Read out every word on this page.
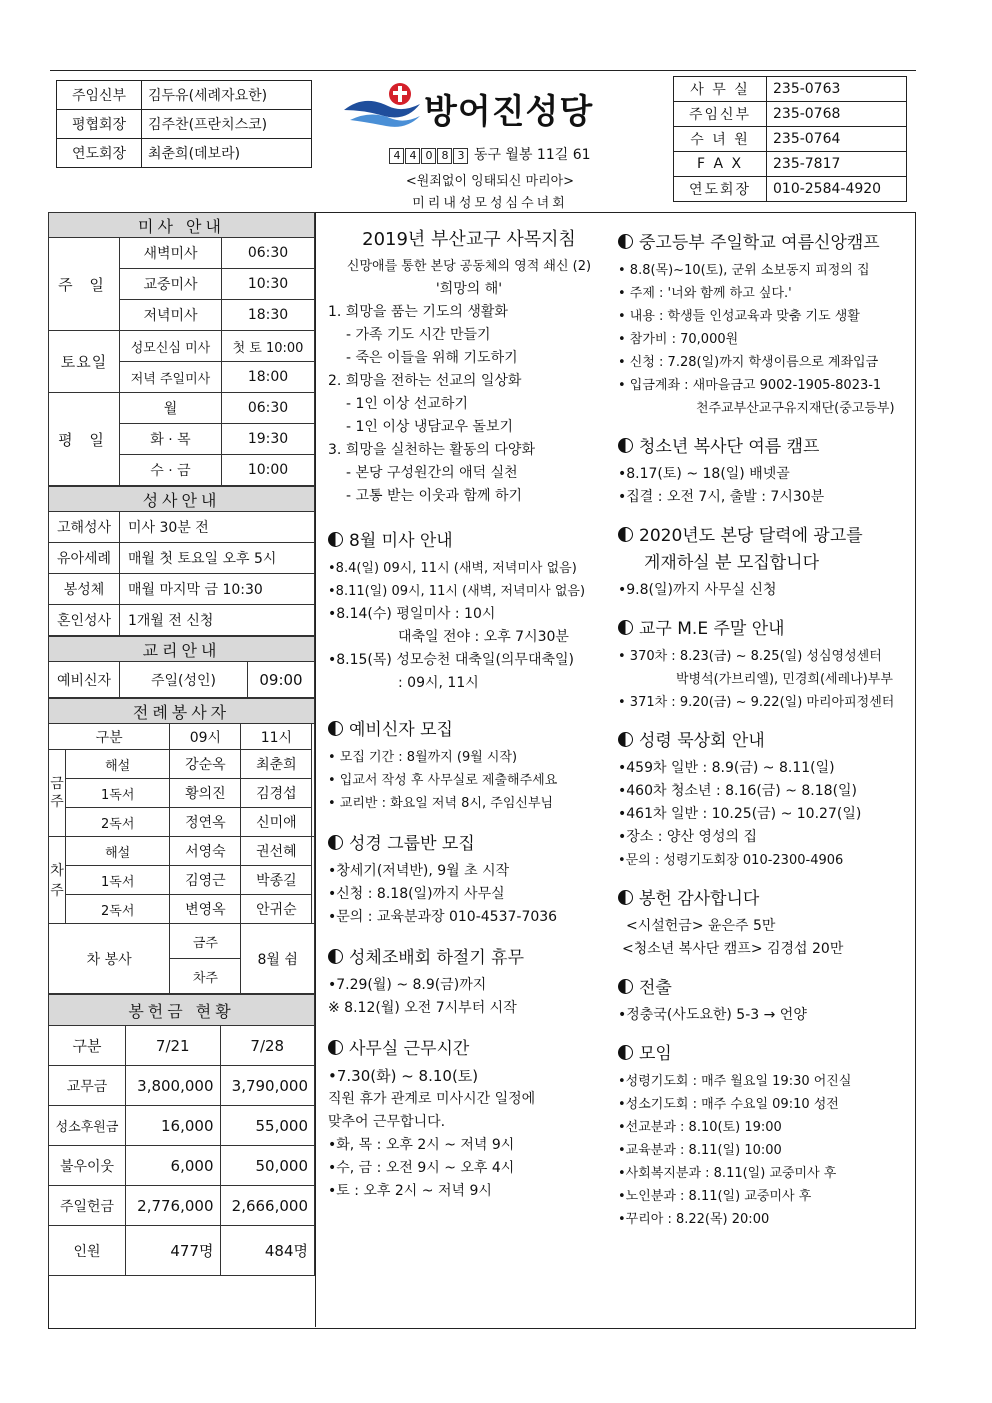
주임신부	김두유(세례자요한)
평협회장	김주찬(프란치스코)
연도회장	최춘희(데보라)
방어진성당
4 4 0 8 3 동구 월봉 11길 61
<원죄없이 잉태되신 마리아>
미리내성모성심수녀회
사 무 실	235-0763
주임신부	235-0768
수 녀 원	235-0764
F A X	235-7817
연도회장	010-2584-4920
미사 안내		
주 일	새벽미사	06:30
	교중미사	10:30
	저녁미사	18:30
토요일	성모신심 미사	첫 토 10:00
	저녁 주일미사	18:00
평 일	월	06:30
	화 · 목	19:30
	수 · 금	10:00
성사안내	
고해성사	미사 30분 전
유아세례	매월 첫 토요일 오후 5시
봉성체	매월 마지막 금 10:30
혼인성사	1개월 전 신청
교리안내
예비신자	주일(성인)	09:00
전례봉사자				
구분		09시	11시	

금주	해설	강순옥	최춘희	
	1독서	황의진	김경섭	
	2독서	정연옥	신미애	
차주	해설	서영숙	권선혜	

	1독서	김영근	박종길	
	2독서	변영옥	안귀순	
차 봉사		금주	8월 쉼	
		차주		
봉헌금 현황		
구분	7/21	7/28
교무금	3,800,000	3,790,000
성소후원금	16,000	55,000
불우이웃	6,000	50,000
주일헌금	2,776,000	2,666,000
인원	477명	484명
2019년 부산교구 사목지침
신망애를 통한 본당 공동체의 영적 쇄신 (2)
'희망의 해'
1. 희망을 품는 기도의 생활화
- 가족 기도 시간 만들기
- 죽은 이들을 위해 기도하기
2. 희망을 전하는 선교의 일상화
- 1인 이상 선교하기
- 1인 이상 냉담교우 돌보기
3. 희망을 실천하는 활동의 다양화
- 본당 구성원간의 애덕 실천
- 고통 받는 이웃과 함께 하기
8월 미사 안내
•8.4(일) 09시, 11시 (새벽, 저녁미사 없음)
•8.11(일) 09시, 11시 (새벽, 저녁미사 없음)
•8.14(수) 평일미사 : 10시
대축일 전야 : 오후 7시30분
•8.15(목) 성모승천 대축일(의무대축일)
: 09시, 11시
예비신자 모집
• 모집 기간 : 8월까지 (9월 시작)
• 입교서 작성 후 사무실로 제출해주세요
• 교리반 : 화요일 저녁 8시, 주임신부님
성경 그룹반 모집
•창세기(저녁반), 9월 초 시작
•신청 : 8.18(일)까지 사무실
•문의 : 교육분과장 010-4537-7036
성체조배회 하절기 휴무
•7.29(월) ~ 8.9(금)까지
※ 8.12(월) 오전 7시부터 시작
사무실 근무시간
•7.30(화) ~ 8.10(토)
직원 휴가 관계로 미사시간 일정에
맞추어 근무합니다.
•화, 목 : 오후 2시 ~ 저녁 9시
•수, 금 : 오전 9시 ~ 오후 4시
•토 : 오후 2시 ~ 저녁 9시
중고등부 주일학교 여름신앙캠프
• 8.8(목)~10(토), 군위 소보동지 피정의 집
• 주제 : '너와 함께 하고 싶다.'
• 내용 : 학생들 인성교육과 맞춤 기도 생활
• 참가비 : 70,000원
• 신청 : 7.28(일)까지 학생이름으로 계좌입금
• 입금계좌 : 새마을금고 9002-1905-8023-1
천주교부산교구유지재단(중고등부)
청소년 복사단 여름 캠프
•8.17(토) ~ 18(일) 배넷골
•집결 : 오전 7시, 출발 : 7시30분
2020년도 본당 달력에 광고를
게재하실 분 모집합니다
•9.8(일)까지 사무실 신청
교구 M.E 주말 안내
• 370차 : 8.23(금) ~ 8.25(일) 성심영성센터
박병석(가브리엘), 민경희(세레나)부부
• 371차 : 9.20(금) ~ 9.22(일) 마리아피정센터
성령 묵상회 안내
•459차 일반 : 8.9(금) ~ 8.11(일)
•460차 청소년 : 8.16(금) ~ 8.18(일)
•461차 일반 : 10.25(금) ~ 10.27(일)
•장소 : 양산 영성의 집
•문의 : 성령기도회장 010-2300-4906
봉헌 감사합니다
<시설헌금> 윤은주 5만
<청소년 복사단 캠프> 김경섭 20만
전출
•정충국(사도요한) 5-3 → 언양
모임
•성령기도회 : 매주 월요일 19:30 어진실
•성소기도회 : 매주 수요일 09:10 성전
•선교분과 : 8.10(토) 19:00
•교육분과 : 8.11(일) 10:00
•사회복지분과 : 8.11(일) 교중미사 후
•노인분과 : 8.11(일) 교중미사 후
•꾸리아 : 8.22(목) 20:00
